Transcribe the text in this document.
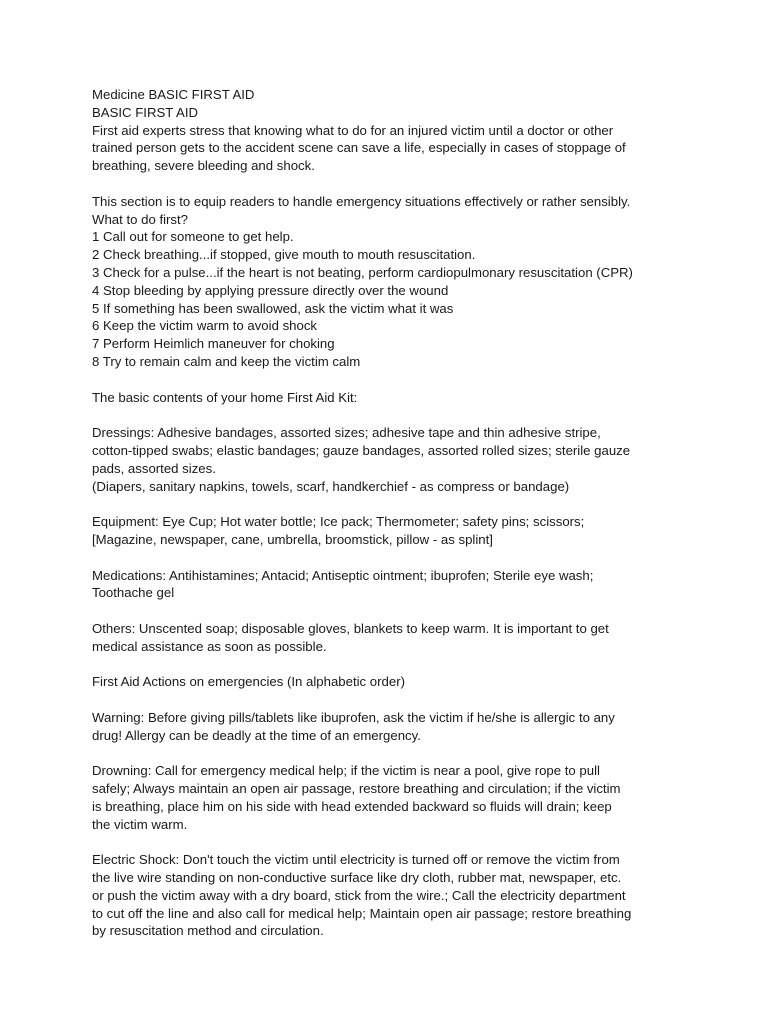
Medicine BASIC FIRST AID
BASIC FIRST AID
First aid experts stress that knowing what to do for an injured victim until a doctor or other
trained person gets to the accident scene can save a life, especially in cases of stoppage of
breathing, severe bleeding and shock.
This section is to equip readers to handle emergency situations effectively or rather sensibly.
What to do first?
1 Call out for someone to get help.
2 Check breathing...if stopped, give mouth to mouth resuscitation.
3 Check for a pulse...if the heart is not beating, perform cardiopulmonary resuscitation (CPR)
4 Stop bleeding by applying pressure directly over the wound
5 If something has been swallowed, ask the victim what it was
6 Keep the victim warm to avoid shock
7 Perform Heimlich maneuver for choking
8 Try to remain calm and keep the victim calm
The basic contents of your home First Aid Kit:
Dressings: Adhesive bandages, assorted sizes; adhesive tape and thin adhesive stripe,
cotton-tipped swabs; elastic bandages; gauze bandages, assorted rolled sizes; sterile gauze
pads, assorted sizes.
(Diapers, sanitary napkins, towels, scarf, handkerchief - as compress or bandage)
Equipment: Eye Cup; Hot water bottle; Ice pack; Thermometer; safety pins; scissors;
[Magazine, newspaper, cane, umbrella, broomstick, pillow - as splint]
Medications: Antihistamines; Antacid; Antiseptic ointment; ibuprofen; Sterile eye wash;
Toothache gel
Others: Unscented soap; disposable gloves, blankets to keep warm. It is important to get
medical assistance as soon as possible.
First Aid Actions on emergencies (In alphabetic order)
Warning: Before giving pills/tablets like ibuprofen, ask the victim if he/she is allergic to any
drug! Allergy can be deadly at the time of an emergency.
Drowning: Call for emergency medical help; if the victim is near a pool, give rope to pull
safely; Always maintain an open air passage, restore breathing and circulation; if the victim
is breathing, place him on his side with head extended backward so fluids will drain; keep
the victim warm.
Electric Shock: Don't touch the victim until electricity is turned off or remove the victim from
the live wire standing on non-conductive surface like dry cloth, rubber mat, newspaper, etc.
or push the victim away with a dry board, stick from the wire.; Call the electricity department
to cut off the line and also call for medical help; Maintain open air passage; restore breathing
by resuscitation method and circulation.
